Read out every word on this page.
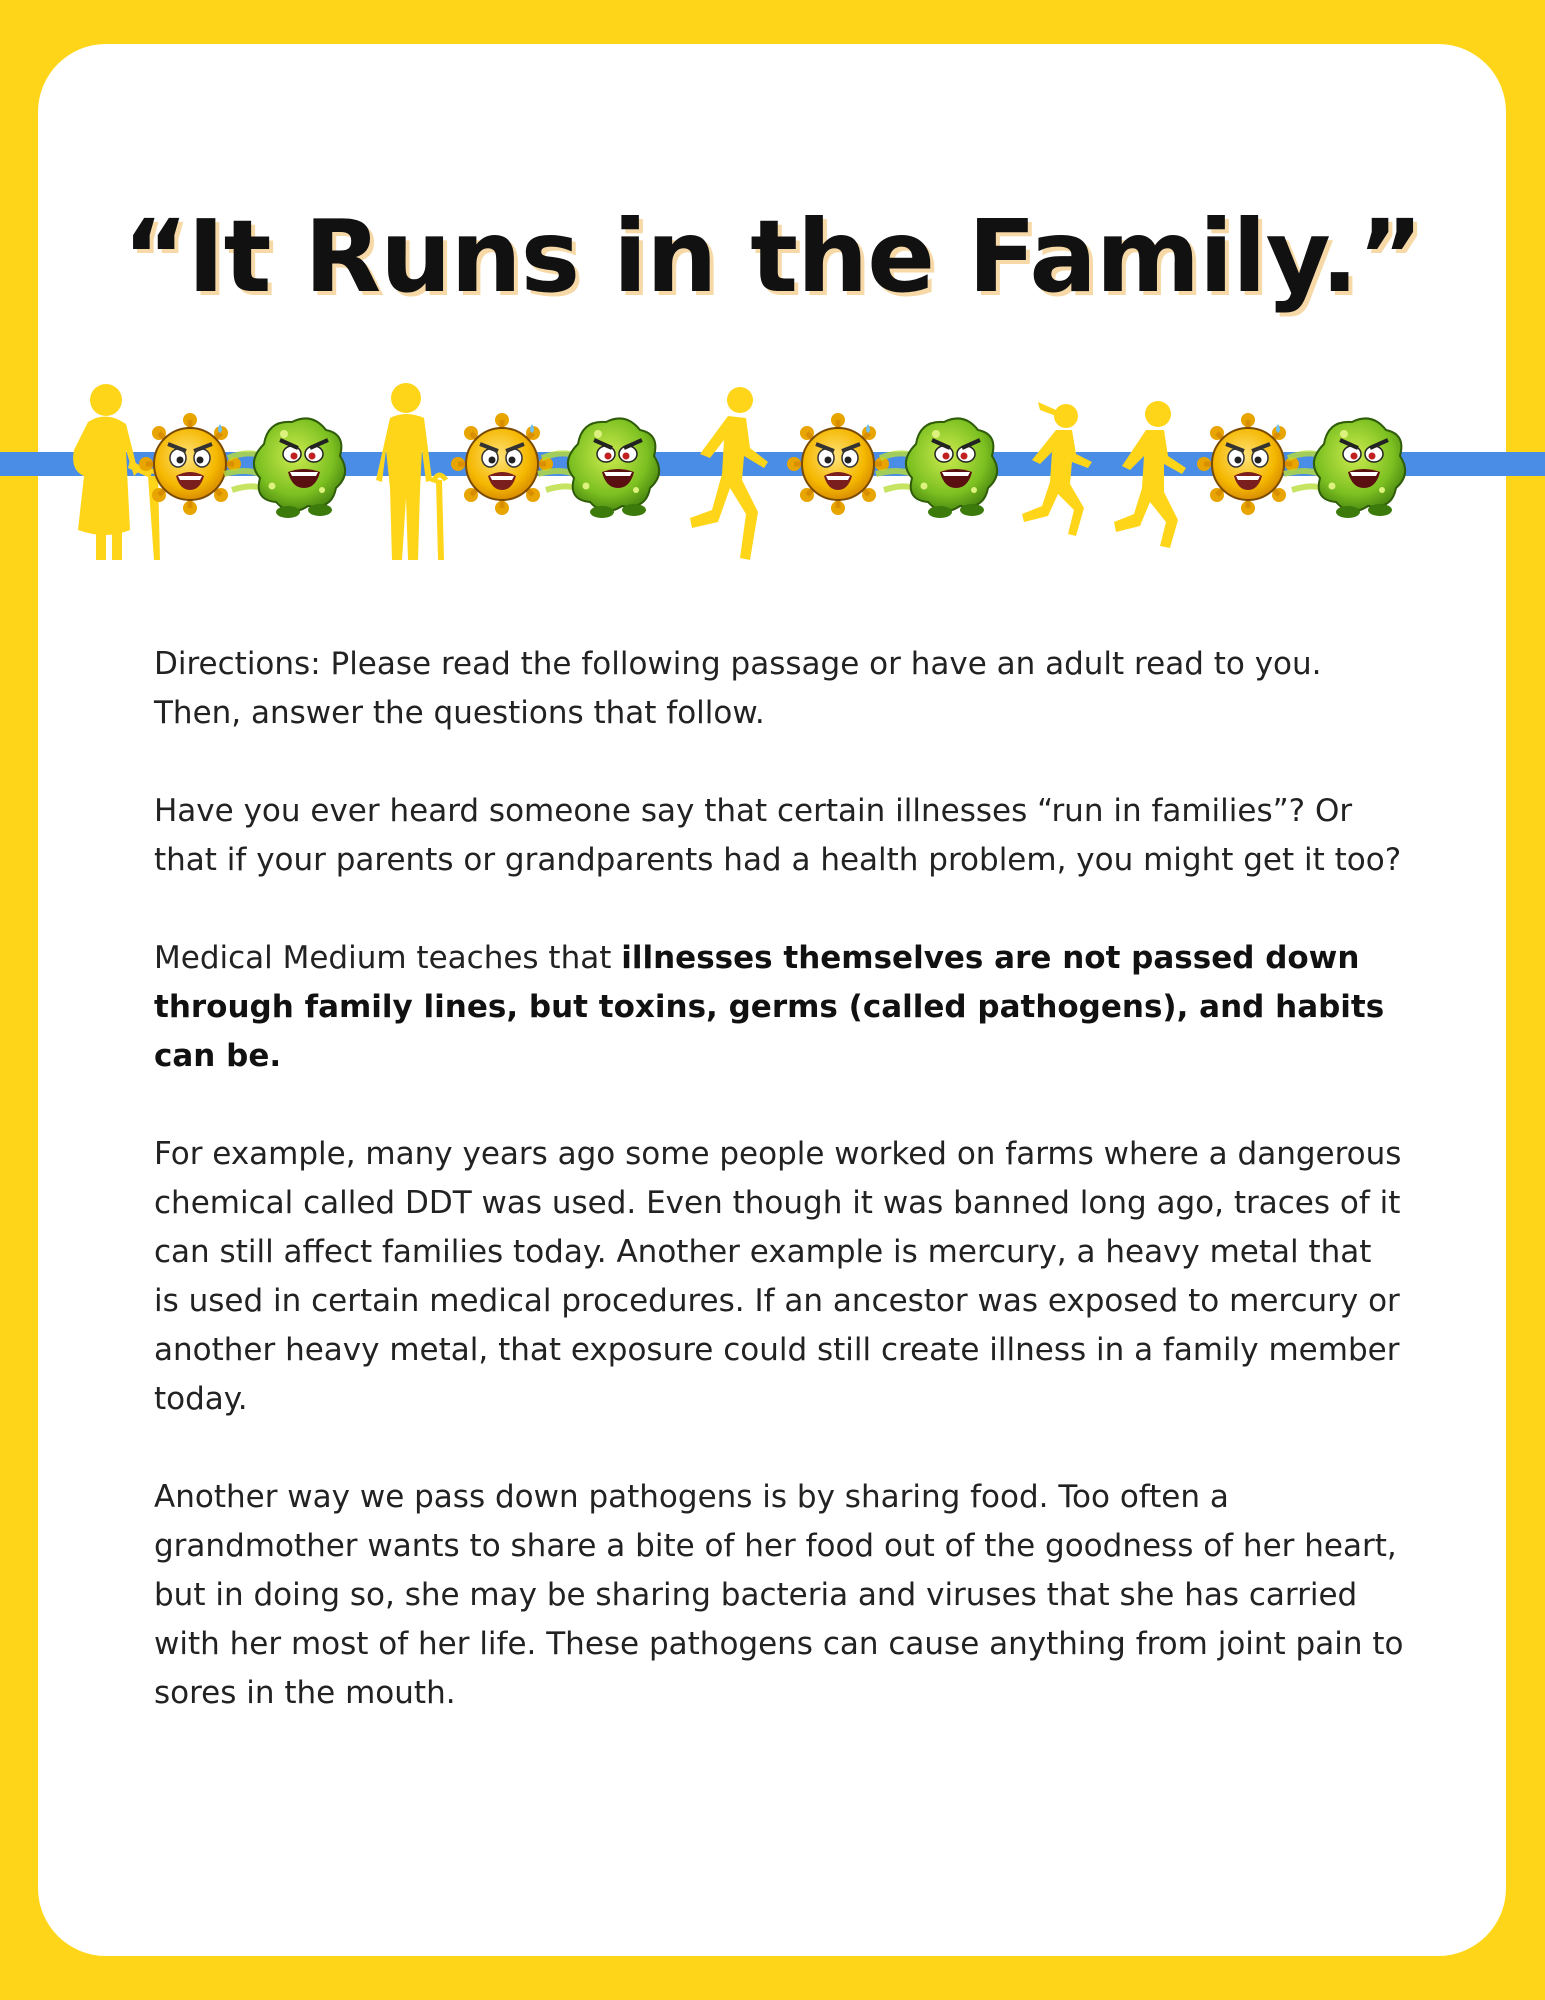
“It Runs in the Family.”

Directions: Please read the following passage or have an adult read to you. Then, answer the questions that follow.

Have you ever heard someone say that certain illnesses “run in families”? Or that if your parents or grandparents had a health problem, you might get it too?

Medical Medium teaches that illnesses themselves are not passed down through family lines, but toxins, germs (called pathogens), and habits can be.

For example, many years ago some people worked on farms where a dangerous chemical called DDT was used. Even though it was banned long ago, traces of it can still affect families today. Another example is mercury, a heavy metal that is used in certain medical procedures. If an ancestor was exposed to mercury or another heavy metal, that exposure could still create illness in a family member today.

Another way we pass down pathogens is by sharing food. Too often a grandmother wants to share a bite of her food out of the goodness of her heart, but in doing so, she may be sharing bacteria and viruses that she has carried with her most of her life. These pathogens can cause anything from joint pain to sores in the mouth.
